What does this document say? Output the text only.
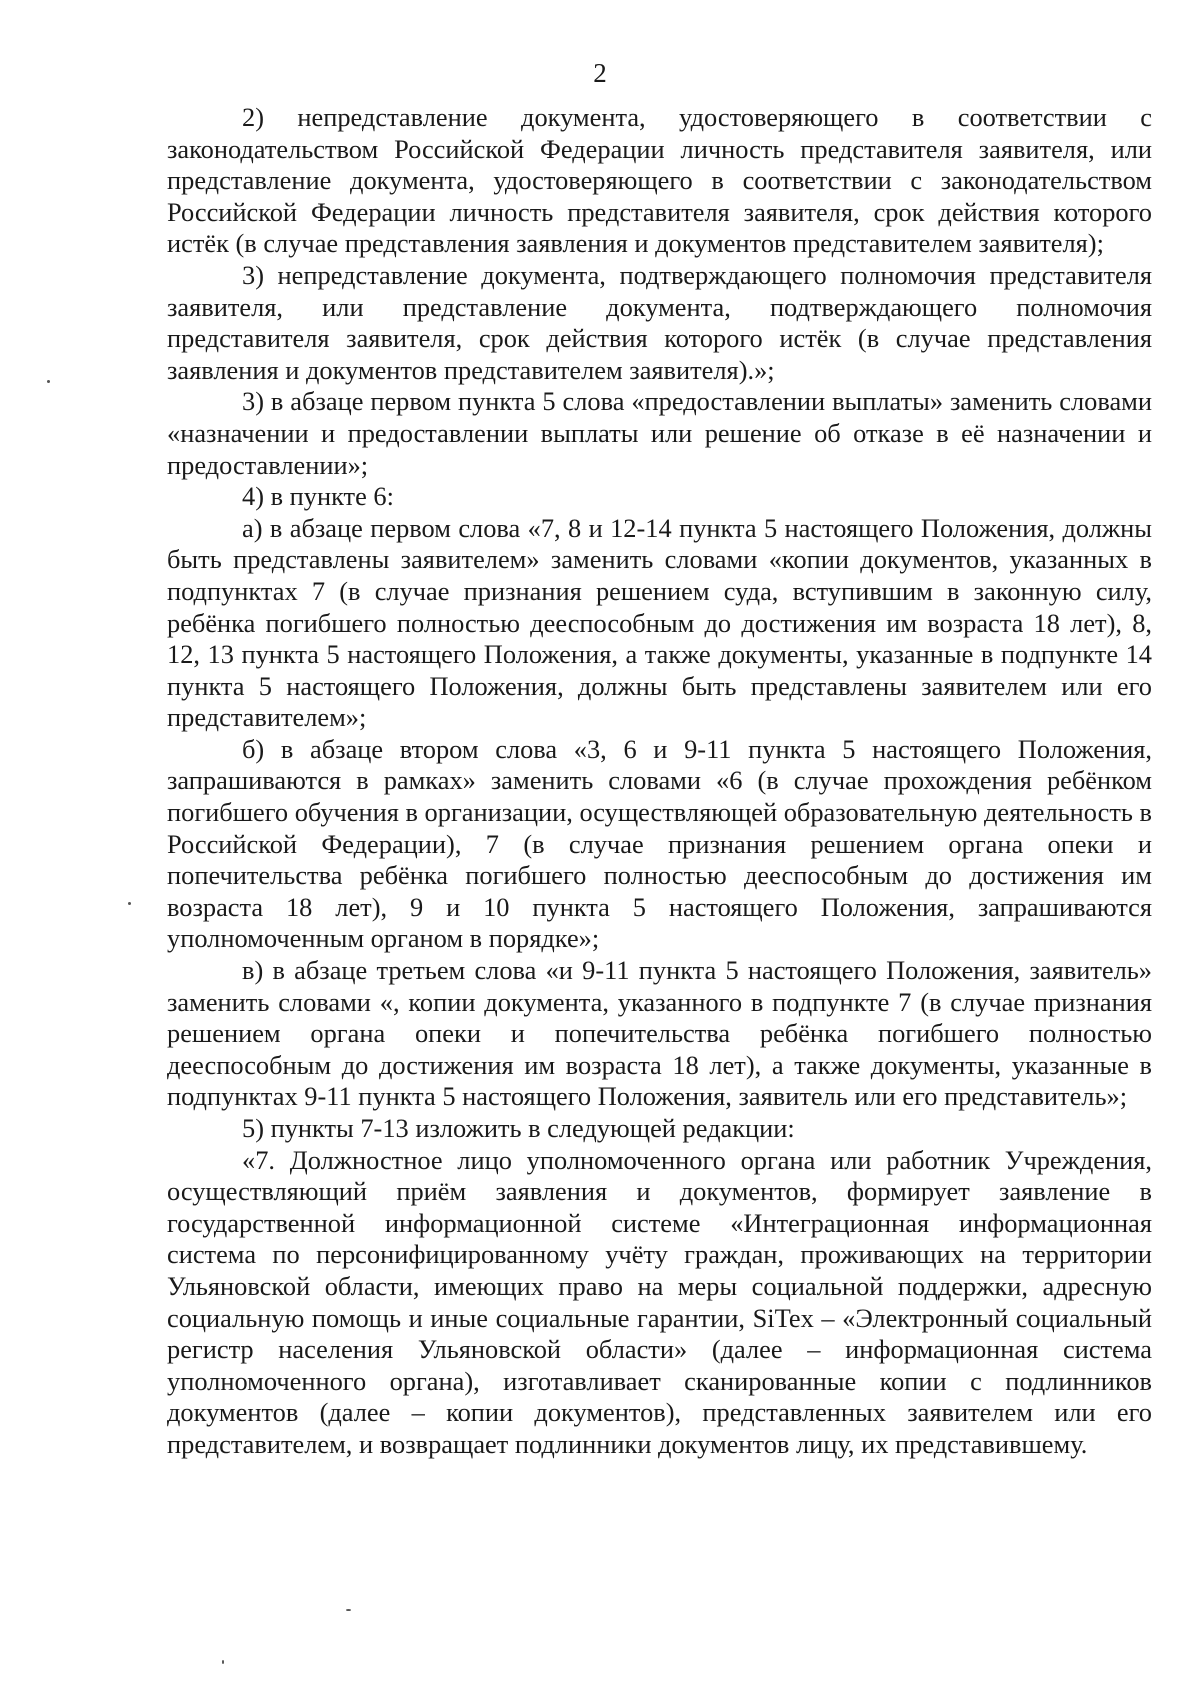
2

2) непредставление документа, удостоверяющего в соответствии с законодательством Российской Федерации личность представителя заявителя, или представление документа, удостоверяющего в соответствии с законодательством Российской Федерации личность представителя заявителя, срок действия которого истёк (в случае представления заявления и документов представителем заявителя);

3) непредставление документа, подтверждающего полномочия представителя заявителя, или представление документа, подтверждающего полномочия представителя заявителя, срок действия которого истёк (в случае представления заявления и документов представителем заявителя).»;

3) в абзаце первом пункта 5 слова «предоставлении выплаты» заменить словами «назначении и предоставлении выплаты или решение об отказе в её назначении и предоставлении»;

4) в пункте 6:

а) в абзаце первом слова «7, 8 и 12-14 пункта 5 настоящего Положения, должны быть представлены заявителем» заменить словами «копии документов, указанных в подпунктах 7 (в случае признания решением суда, вступившим в законную силу, ребёнка погибшего полностью дееспособным до достижения им возраста 18 лет), 8, 12, 13 пункта 5 настоящего Положения, а также документы, указанные в подпункте 14 пункта 5 настоящего Положения, должны быть представлены заявителем или его представителем»;

б) в абзаце втором слова «3, 6 и 9-11 пункта 5 настоящего Положения, запрашиваются в рамках» заменить словами «6 (в случае прохождения ребёнком погибшего обучения в организации, осуществляющей образовательную деятельность в Российской Федерации), 7 (в случае признания решением органа опеки и попечительства ребёнка погибшего полностью дееспособным до достижения им возраста 18 лет), 9 и 10 пункта 5 настоящего Положения, запрашиваются уполномоченным органом в порядке»;

в) в абзаце третьем слова «и 9-11 пункта 5 настоящего Положения, заявитель» заменить словами «, копии документа, указанного в подпункте 7 (в случае признания решением органа опеки и попечительства ребёнка погибшего полностью дееспособным до достижения им возраста 18 лет), а также документы, указанные в подпунктах 9-11 пункта 5 настоящего Положения, заявитель или его представитель»;

5) пункты 7-13 изложить в следующей редакции:

«7. Должностное лицо уполномоченного органа или работник Учреждения, осуществляющий приём заявления и документов, формирует заявление в государственной информационной системе «Интеграционная информационная система по персонифицированному учёту граждан, проживающих на территории Ульяновской области, имеющих право на меры социальной поддержки, адресную социальную помощь и иные социальные гарантии, SiTex – «Электронный социальный регистр населения Ульяновской области» (далее – информационная система уполномоченного органа), изготавливает сканированные копии с подлинников документов (далее – копии документов), представленных заявителем или его представителем, и возвращает подлинники документов лицу, их представившему.
